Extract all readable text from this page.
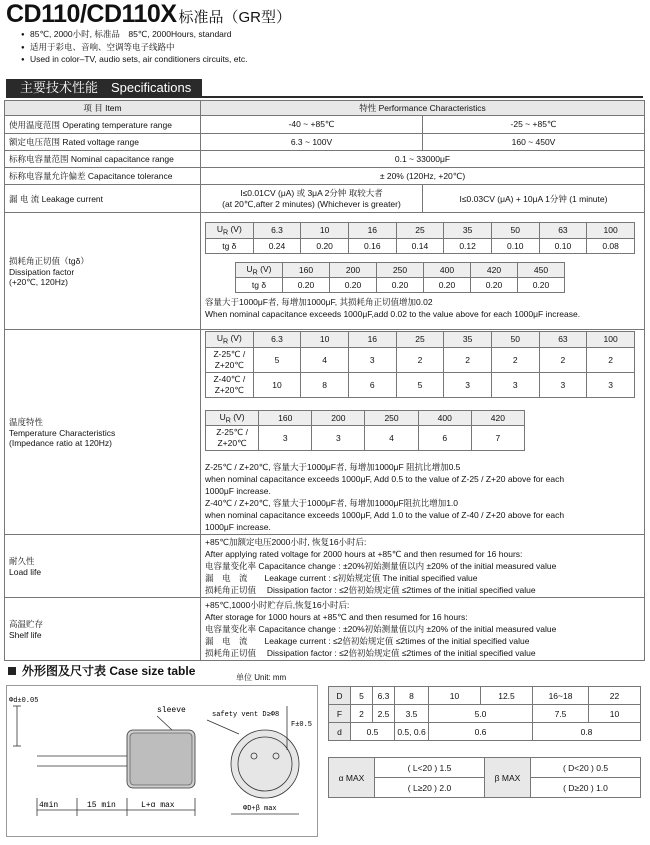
CD110/CD110X 标准品（GR型）
● 85℃, 2000小时, 标准品　85℃, 2000Hours, standard
● 适用于彩电、音响、空调等电子线路中
● Used in color–TV, audio sets, air conditioners circuits, etc.
主要技术性能　Specifications
项 目 Item	特性 Performance Characteristics
使用温度范围 Operating temperature range	-40 ~ +85℃	-25 ~ +85℃
额定电压范围 Rated voltage range	6.3 ~ 100V	160 ~ 450V
标称电容量范围 Nominal capacitance range	0.1 ~ 33000μF
标称电容量允许偏差 Capacitance tolerance	± 20% (120Hz, +20℃)
漏 电 流 Leakage current	
I≤0.01CV (μA) 或 3μA 2分钟 取较大者
(at 20℃,after 2 minutes) (Whichever is greater)
	I≤0.03CV (μA) + 10μA 1分钟 (1 minute)

损耗角正切值（tgδ）
Dissipation factor
(+20℃, 120Hz)

$U_R$ (V)	6.3	10	16	25	35	50	63	100
tg δ	0.24	0.20	0.16	0.14	0.12	0.10	0.10	0.08
$U_R$ (V)	160	200	250	400	420	450
tg δ	0.20	0.20	0.20	0.20	0.20	0.20
容量大于1000μF者, 每增加1000μF, 其损耗角正切值增加0.02
When nominal capacitance exceeds 1000μF,add 0.02 to the value above for each 1000μF increase.

温度特性
Temperature Characteristics
(Impedance ratio at 120Hz)

$U_R$ (V)	6.3	10	16	25	35	50	63	100
Z-25℃ / Z+20℃	5	4	3	2	2	2	2	2
Z-40℃ / Z+20℃	10	8	6	5	3	3	3	3
$U_R$ (V)	160	200	250	400	420
Z-25℃ / Z+20℃	3	3	4	6	7
Z-25℃ / Z+20℃, 容量大于1000μF者, 每增加1000μF 阻抗比增加0.5
when nominal capacitance exceeds 1000μF, Add 0.5 to the value of Z-25 / Z+20 above for each
1000μF increase.
Z-40℃ / Z+20℃, 容量大于1000μF者, 每增加1000μF阻抗比增加1.0
when nominal capacitance exceeds 1000μF, Add 1.0 to the value of Z-40 / Z+20 above for each
1000μF increase.

耐久性
Load life

+85℃加额定电压2000小时, 恢复16小时后:
After applying rated voltage for 2000 hours at +85℃ and then resumed for 16 hours:
电容量变化率 Capacitance change : ±20%初始测量值以内 ±20% of the initial measured value
漏　电　流　　Leakage current : ≤初始规定值 The initial specified value
损耗角正切值　 Dissipation factor : ≤2倍初始规定值 ≤2times of the initial specified value

高温贮存
Shelf life

+85℃,1000小时贮存后,恢复16小时后:
After storage for 1000 hours at +85℃ and then resumed for 16 hours:
电容量变化率 Capacitance change : ±20%初始测量值以内 ±20% of the initial measured value
漏　电　流　　Leakage current : ≤2倍初始规定值 ≤2times of the initial specified value
损耗角正切值　 Dissipation factor : ≤2倍初始规定值 ≤2times of the initial specified value
外形图及尺寸表 Case size table	单位 Unit: mm
sleeve	safety vent D≥Φ8
F±0.5
4min	15 min	L+α max	ΦD+β max
Φd±0.05
D	5	6.3	8	10	12.5	16~18	22
F	2	2.5	3.5	5.0		7.5	10
d	0.5		0.5, 0.6	0.6		0.8	
α MAX	( L<20 ) 1.5	β MAX	( D<20 ) 0.5
	( L≥20 ) 2.0		( D≥20 ) 1.0
